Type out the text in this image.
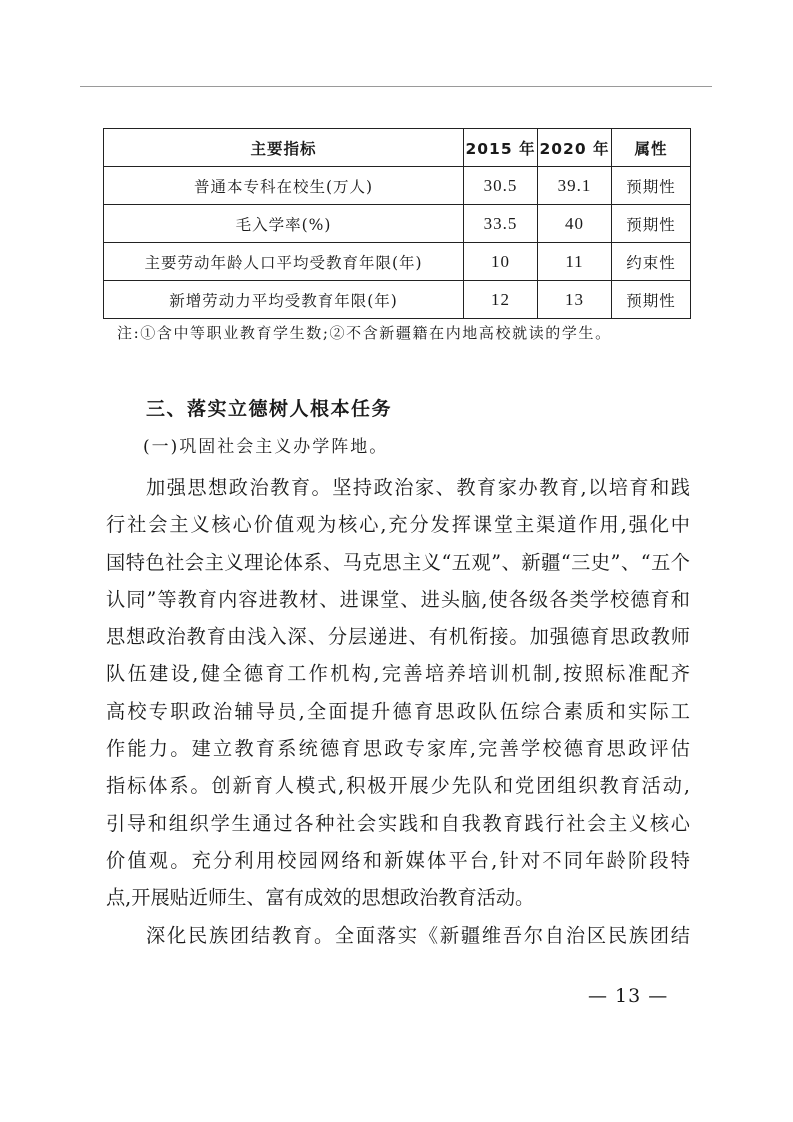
主要指标	2015 年	2020 年	属性
普通本专科在校生(万人)	30.5	39.1	预期性
毛入学率(%)	33.5	40	预期性
主要劳动年龄人口平均受教育年限(年)	10	11	约束性
新增劳动力平均受教育年限(年)	12	13	预期性
注:①含中等职业教育学生数;②不含新疆籍在内地高校就读的学生。
三、落实立德树人根本任务
(一)巩固社会主义办学阵地。
加强思想政治教育。坚持政治家、教育家办教育,以培育和践
行社会主义核心价值观为核心,充分发挥课堂主渠道作用,强化中
国特色社会主义理论体系、马克思主义“五观”、新疆“三史”、“五个
认同”等教育内容进教材、进课堂、进头脑,使各级各类学校德育和
思想政治教育由浅入深、分层递进、有机衔接。加强德育思政教师
队伍建设,健全德育工作机构,完善培养培训机制,按照标准配齐
高校专职政治辅导员,全面提升德育思政队伍综合素质和实际工
作能力。建立教育系统德育思政专家库,完善学校德育思政评估
指标体系。创新育人模式,积极开展少先队和党团组织教育活动,
引导和组织学生通过各种社会实践和自我教育践行社会主义核心
价值观。充分利用校园网络和新媒体平台,针对不同年龄阶段特
点,开展贴近师生、富有成效的思想政治教育活动。
深化民族团结教育。全面落实《新疆维吾尔自治区民族团结
— 13 —
